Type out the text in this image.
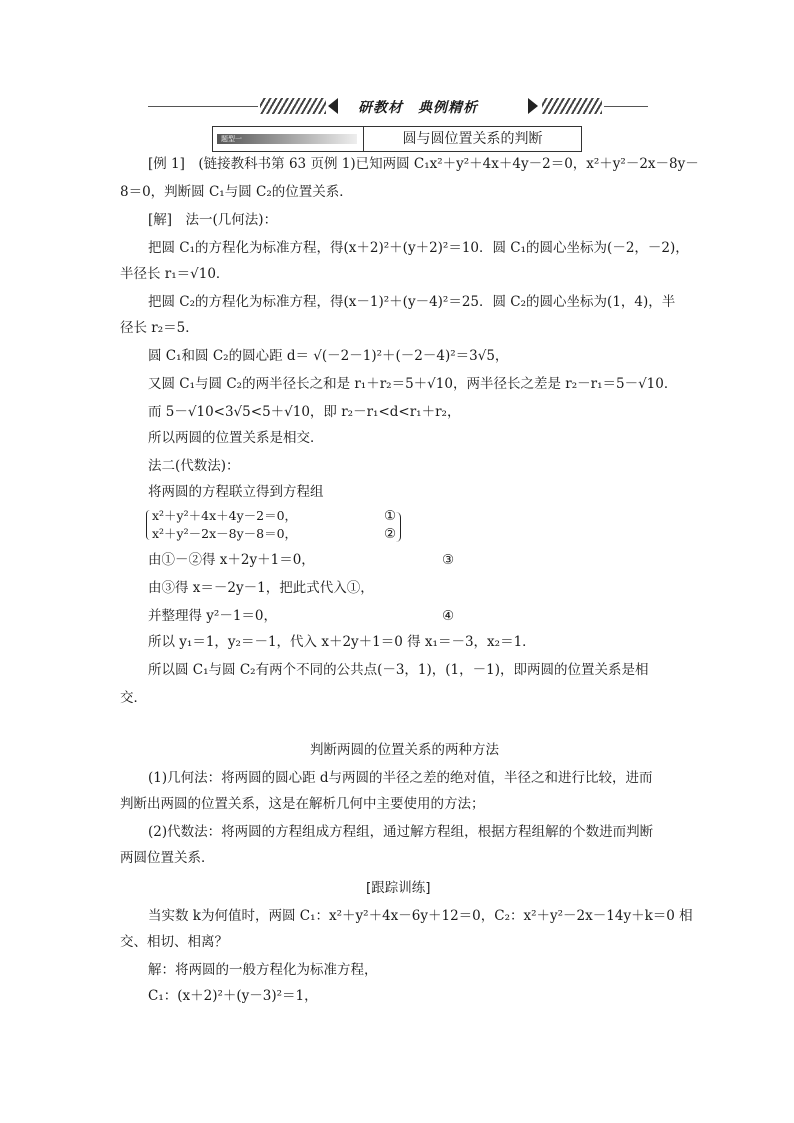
研教材　典例精析
题型一	圆与圆位置关系的判断
[例 1]　(链接教科书第 63 页例 1)已知两圆 C₁x²＋y²＋4x＋4y－2＝0，x²＋y²－2x－8y－
8＝0，判断圆 C₁与圆 C₂的位置关系．
[解]　法一(几何法)：
把圆 C₁的方程化为标准方程，得(x＋2)²＋(y＋2)²＝10．圆 C₁的圆心坐标为(－2，－2)，
半径长 r₁＝√10．
把圆 C₂的方程化为标准方程，得(x－1)²＋(y－4)²＝25．圆 C₂的圆心坐标为(1，4)，半
径长 r₂＝5．
圆 C₁和圆 C₂的圆心距 d＝ √(－2－1)²＋(－2－4)²＝3√5，
又圆 C₁与圆 C₂的两半径长之和是 r₁＋r₂＝5＋√10，两半径长之差是 r₂－r₁＝5－√10．
而 5－√10<3√5<5＋√10，即 r₂－r₁<d<r₁＋r₂，
所以两圆的位置关系是相交．
法二(代数法)：
将两圆的方程联立得到方程组
x²＋y²＋4x＋4y－2＝0，	①
x²＋y²－2x－8y－8＝0，	②
由①－②得 x＋2y＋1＝0，	③
由③得 x＝－2y－1，把此式代入①，
并整理得 y²－1＝0，	④
所以 y₁＝1，y₂＝－1，代入 x＋2y＋1＝0 得 x₁＝－3，x₂＝1．
所以圆 C₁与圆 C₂有两个不同的公共点(－3，1)，(1，－1)，即两圆的位置关系是相
交．
判断两圆的位置关系的两种方法
(1)几何法：将两圆的圆心距 d与两圆的半径之差的绝对值，半径之和进行比较，进而
判断出两圆的位置关系，这是在解析几何中主要使用的方法；
(2)代数法：将两圆的方程组成方程组，通过解方程组，根据方程组解的个数进而判断
两圆位置关系．
[跟踪训练]
当实数 k为何值时，两圆 C₁：x²＋y²＋4x－6y＋12＝0，C₂：x²＋y²－2x－14y＋k＝0 相
交、相切、相离？
解：将两圆的一般方程化为标准方程，
C₁：(x＋2)²＋(y－3)²＝1，
